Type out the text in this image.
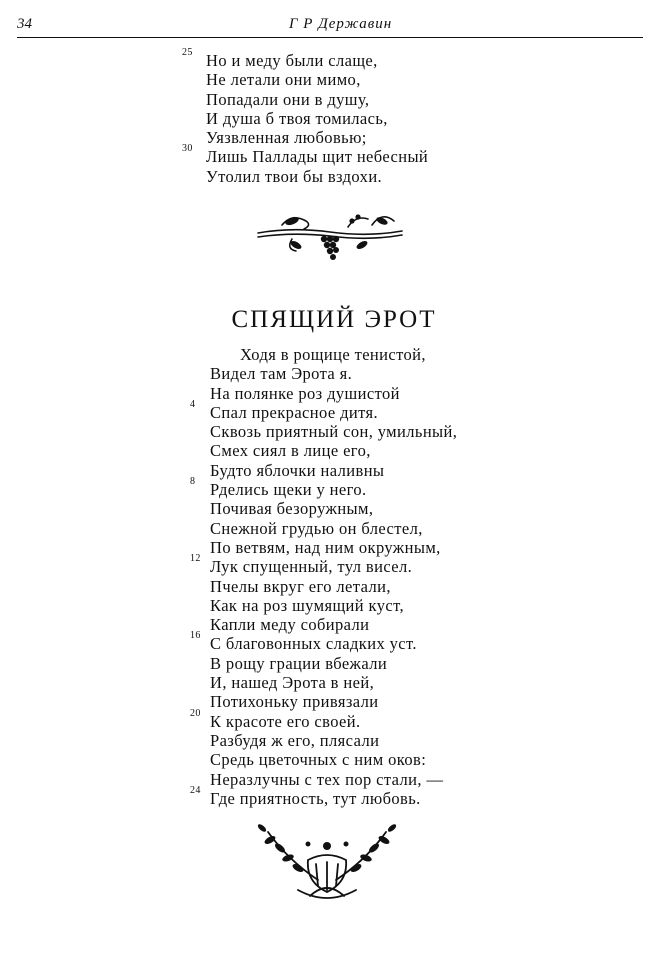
34	Г Р Державин
25 Но и меду были слаще,
Не летали они мимо,
Попадали они в душу,
И душа б твоя томилась,
Уязвленная любовью;
30 Лишь Паллады щит небесный
Утолил твои бы вздохи.
СПЯЩИЙ ЭРОТ
Ходя в рощице тенистой,
Видел там Эрота я.
На полянке роз душистой
4 Спал прекрасное дитя.
Сквозь приятный сон, умильный,
Смех сиял в лице его,
Будто яблочки наливны
8 Рделись щеки у него.
Почивая безоружным,
Снежной грудью он блестел,
По ветвям, над ним окружным,
12 Лук спущенный, тул висел.
Пчелы вкруг его летали,
Как на роз шумящий куст,
Капли меду собирали
16 С благовонных сладких уст.
В рощу грации вбежали
И, нашед Эрота в ней,
Потихоньку привязали
20 К красоте его своей.
Разбудя ж его, плясали
Средь цветочных с ним оков:
Неразлучны с тех пор стали, —
24 Где приятность, тут любовь.
